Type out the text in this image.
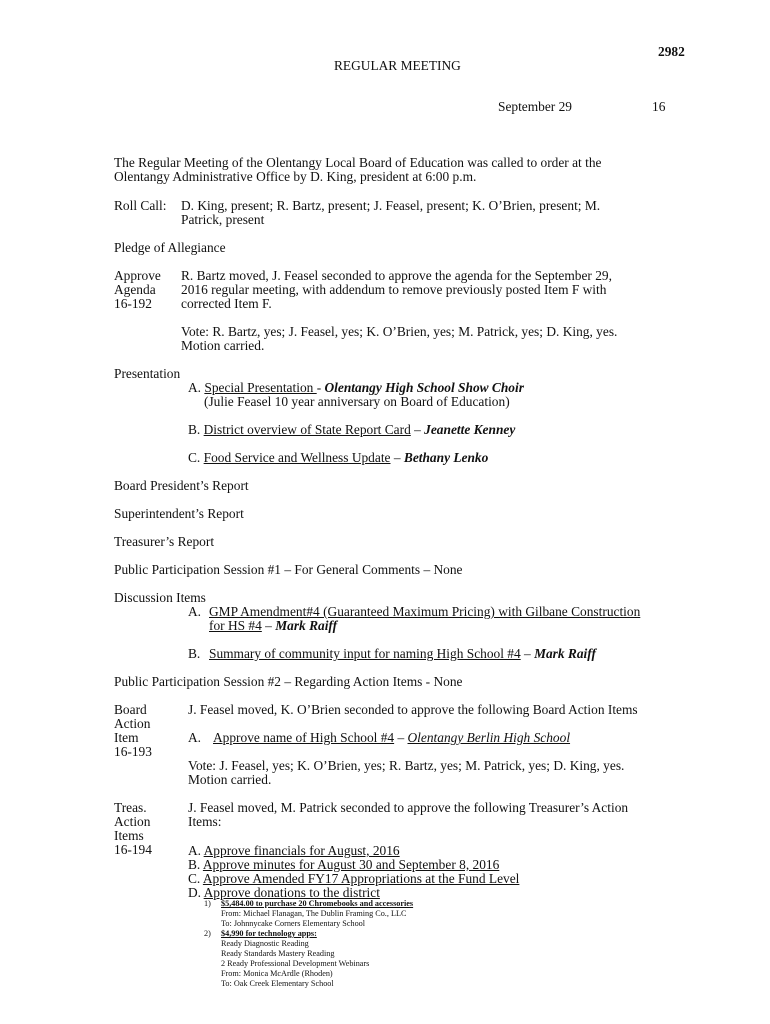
2982
REGULAR MEETING
September 29	16
The Regular Meeting of the Olentangy Local Board of Education was called to order at the
Olentangy Administrative Office by D. King, president at 6:00 p.m.
Roll Call: D. King, present; R. Bartz, present; J. Feasel, present; K. O’Brien, present; M.
Patrick, present
Pledge of Allegiance
Approve
Agenda
16-192
R. Bartz moved, J. Feasel seconded to approve the agenda for the September 29,
2016 regular meeting, with addendum to remove previously posted Item F with
corrected Item F.
Vote: R. Bartz, yes; J. Feasel, yes; K. O’Brien, yes; M. Patrick, yes; D. King, yes.
Motion carried.
Presentation
A. Special Presentation - Olentangy High School Show Choir
(Julie Feasel 10 year anniversary on Board of Education)
B. District overview of State Report Card – Jeanette Kenney
C. Food Service and Wellness Update – Bethany Lenko
Board President’s Report
Superintendent’s Report
Treasurer’s Report
Public Participation Session #1 – For General Comments – None
Discussion Items
A. GMP Amendment#4 (Guaranteed Maximum Pricing) with Gilbane Construction
for HS #4 – Mark Raiff
B. Summary of community input for naming High School #4 – Mark Raiff
Public Participation Session #2 – Regarding Action Items - None
Board
Action
Item
16-193
J. Feasel moved, K. O’Brien seconded to approve the following Board Action Items
A. Approve name of High School #4 – Olentangy Berlin High School
Vote: J. Feasel, yes; K. O’Brien, yes; R. Bartz, yes; M. Patrick, yes; D. King, yes.
Motion carried.
Treas.
Action
Items
16-194
J. Feasel moved, M. Patrick seconded to approve the following Treasurer’s Action
Items:
A. Approve financials for August, 2016
B. Approve minutes for August 30 and September 8, 2016
C. Approve Amended FY17 Appropriations at the Fund Level
D. Approve donations to the district
1) $5,484.00 to purchase 20 Chromebooks and accessories
From: Michael Flanagan, The Dublin Framing Co., LLC
To: Johnnycake Corners Elementary School
2) $4,990 for technology apps:
Ready Diagnostic Reading
Ready Standards Mastery Reading
2 Ready Professional Development Webinars
From: Monica McArdle (Rhoden)
To: Oak Creek Elementary School
